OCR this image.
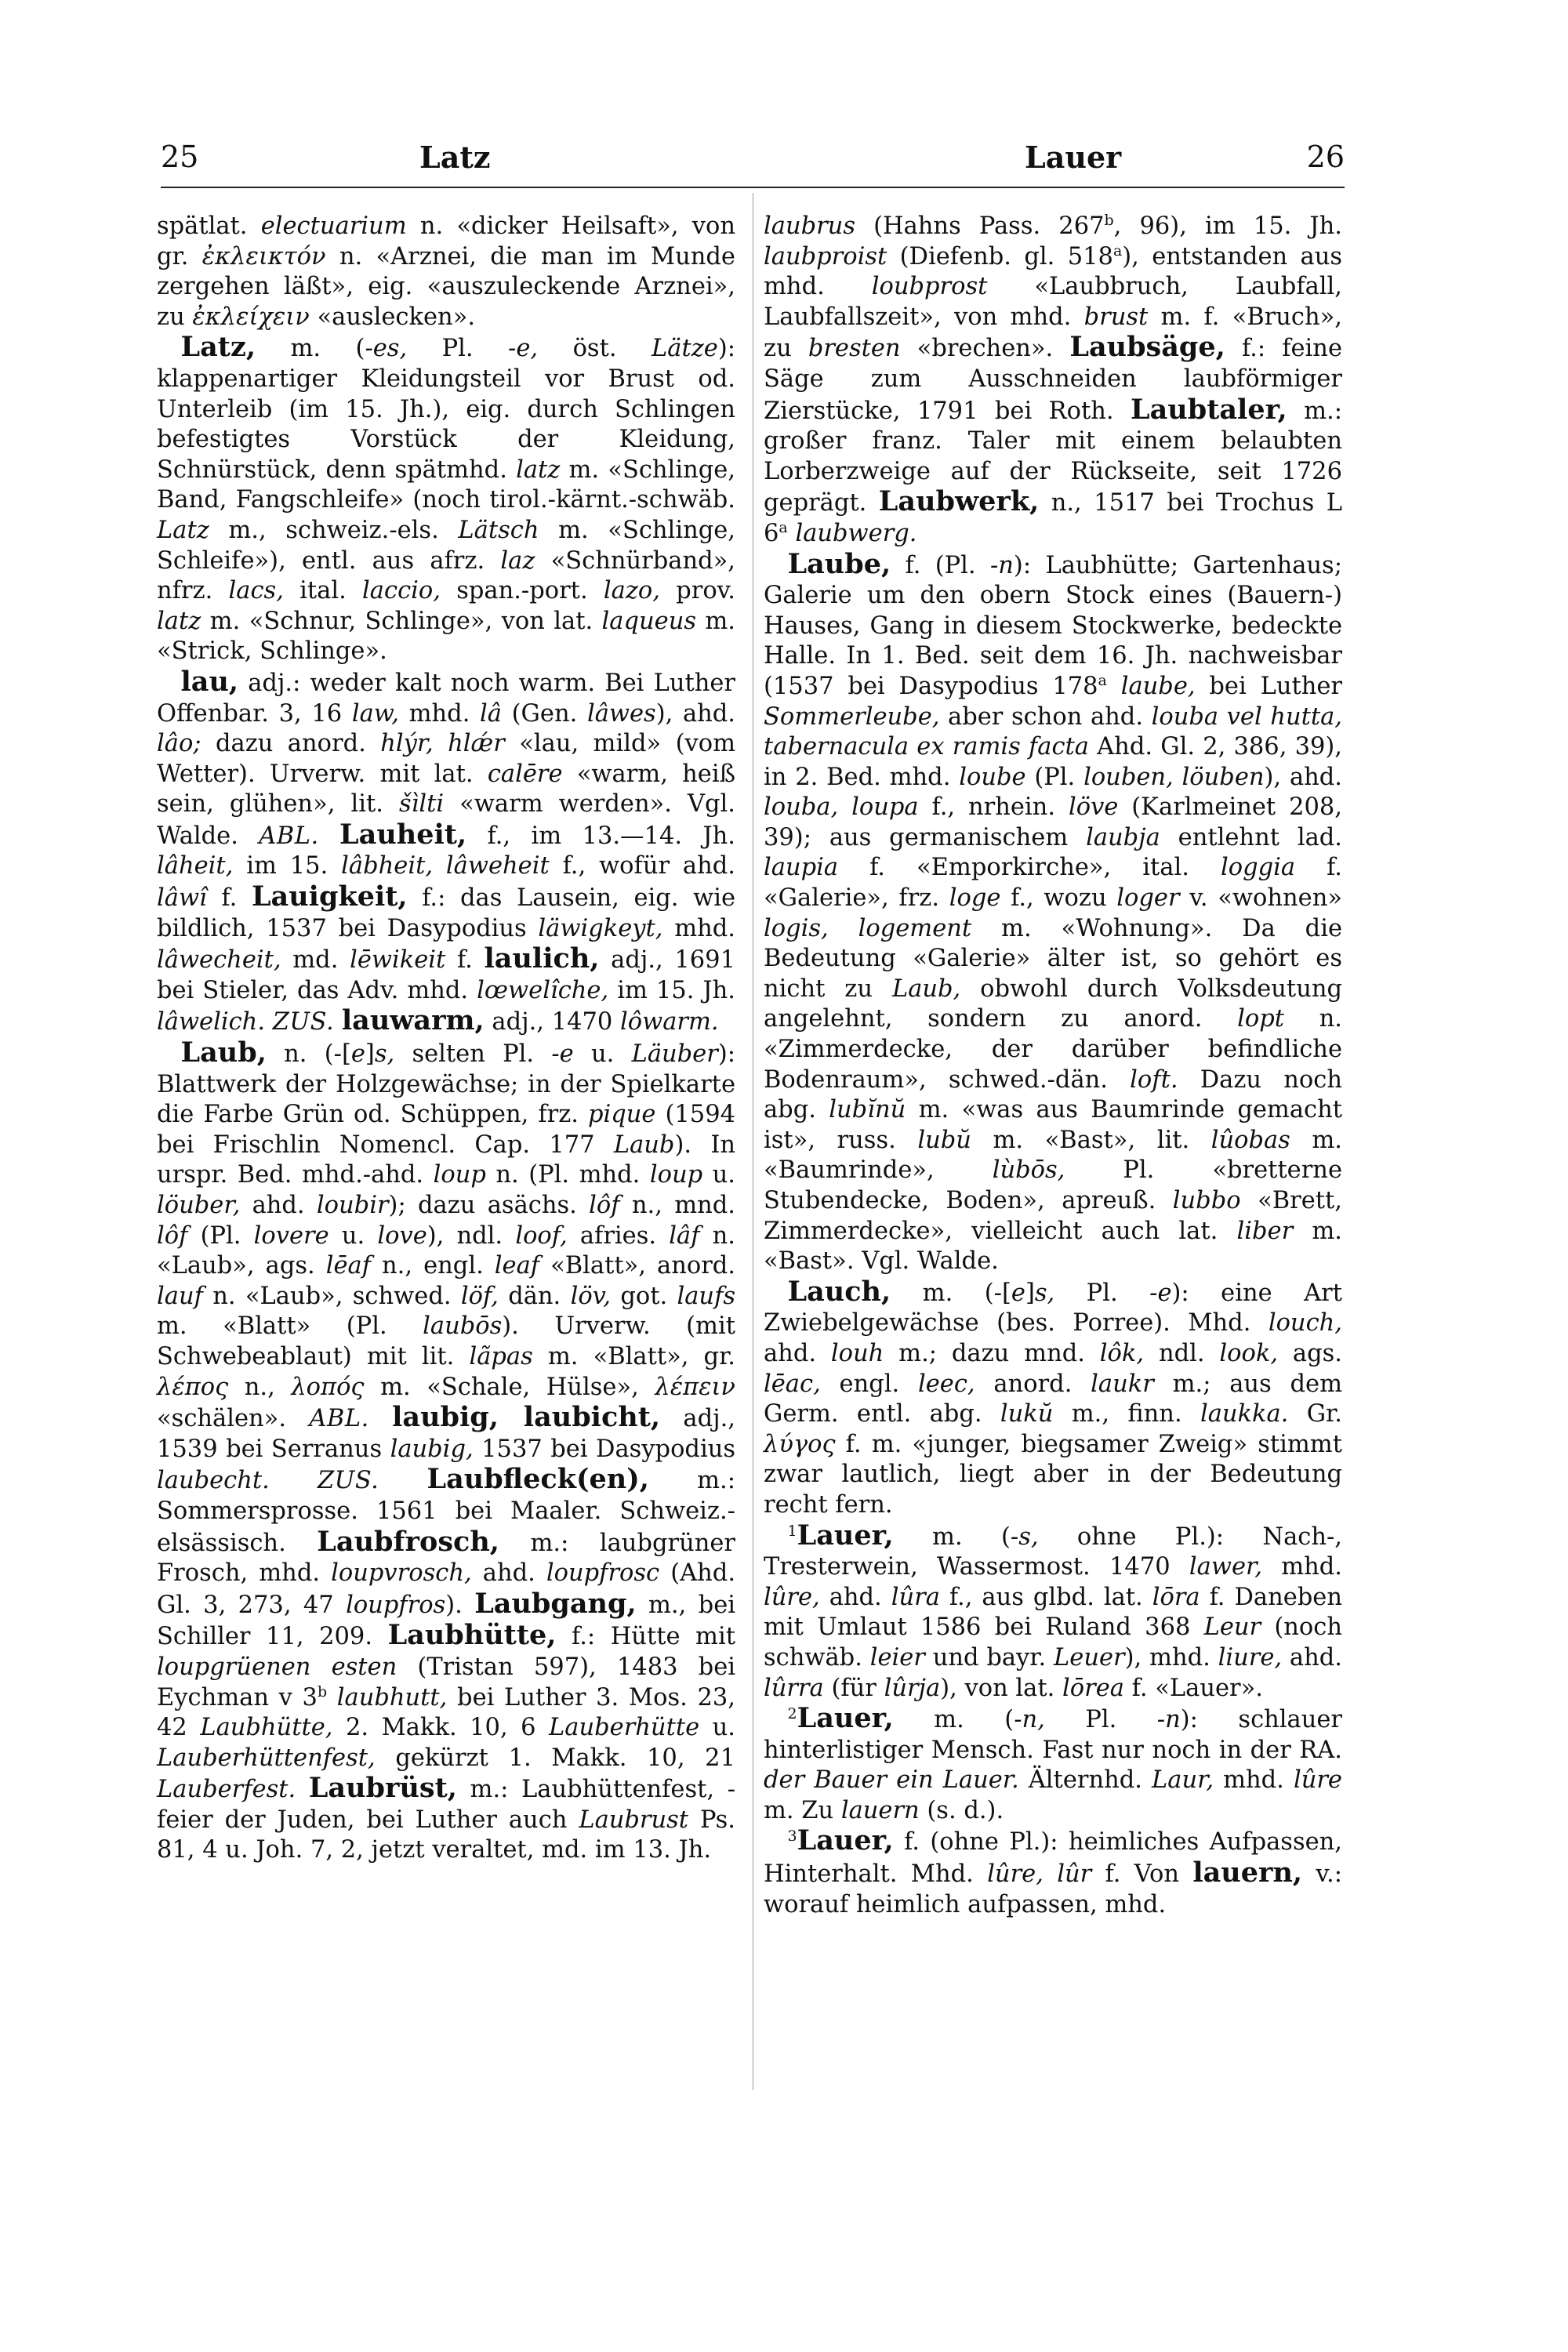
25	Latz	Lauer	26

spätlat. electuarium n. «dicker Heilsaft», von gr. ἐκλεικτόν n. «Arznei, die man im Munde zergehen läßt», eig. «auszuleckende Arznei», zu ἐκλείχειν «auslecken».

 Latz, m. (-es, Pl. -e, öst. Lätze): klappenartiger Kleidungsteil vor Brust od. Unterleib (im 15. Jh.), eig. durch Schlingen befestigtes Vorstück der Kleidung, Schnürstück, denn spätmhd. latz m. «Schlinge, Band, Fangschleife» (noch tirol.-kärnt.-schwäb. Latz m., schweiz.-els. Lätsch m. «Schlinge, Schleife»), entl. aus afrz. laz «Schnürband», nfrz. lacs, ital. laccio, span.-port. lazo, prov. latz m. «Schnur, Schlinge», von lat. laqueus m. «Strick, Schlinge».

 lau, adj.: weder kalt noch warm. Bei Luther Offenbar. 3, 16 law, mhd. lâ (Gen. lâwes), ahd. lâo; dazu anord. hlýr, hlǽr «lau, mild» (vom Wetter). Urverw. mit lat. calēre «warm, heiß sein, glühen», lit. šìlti «warm werden». Vgl. Walde. ABL. Lauheit, f., im 13.—14. Jh. lâheit, im 15. lâbheit, lâweheit f., wofür ahd. lâwî f. Lauigkeit, f.: das Lausein, eig. wie bildlich, 1537 bei Dasypodius läwigkeyt, mhd. lâwecheit, md. lēwikeit f. laulich, adj., 1691 bei Stieler, das Adv. mhd. lœwelîche, im 15. Jh. lâwelich. ZUS. lauwarm, adj., 1470 lôwarm.

 Laub, n. (-[e]s, selten Pl. -e u. Läuber): Blattwerk der Holzgewächse; in der Spielkarte die Farbe Grün od. Schüppen, frz. pique (1594 bei Frischlin Nomencl. Cap. 177 Laub). In urspr. Bed. mhd.-ahd. loup n. (Pl. mhd. loup u. löuber, ahd. loubir); dazu asächs. lôf n., mnd. lôf (Pl. lovere u. love), ndl. loof, afries. lâf n. «Laub», ags. lēaf n., engl. leaf «Blatt», anord. lauf n. «Laub», schwed. löf, dän. löv, got. laufs m. «Blatt» (Pl. laubōs). Urverw. (mit Schwebeablaut) mit lit. lãpas m. «Blatt», gr. λέπος n., λοπός m. «Schale, Hülse», λέπειν «schälen». ABL. laubig, laubicht, adj., 1539 bei Serranus laubig, 1537 bei Dasypodius laubecht. ZUS. Laubfleck(en), m.: Sommersprosse. 1561 bei Maaler. Schweiz.-elsässisch. Laubfrosch, m.: laubgrüner Frosch, mhd. loupvrosch, ahd. loupfrosc (Ahd. Gl. 3, 273, 47 loupfros). Laubgang, m., bei Schiller 11, 209. Laubhütte, f.: Hütte mit loupgrüenen esten (Tristan 597), 1483 bei Eychman v 3$^b$ laubhutt, bei Luther 3. Mos. 23, 42 Laubhütte, 2. Makk. 10, 6 Lauberhütte u. Lauberhüttenfest, gekürzt 1. Makk. 10, 21 Lauberfest. Laubrüst, m.: Laubhüttenfest, -feier der Juden, bei Luther auch Laubrust Ps. 81, 4 u. Joh. 7, 2, jetzt veraltet, md. im 13. Jh.

laubrus (Hahns Pass. 267$^b$, 96), im 15. Jh. laubproist (Diefenb. gl. 518$^a$), entstanden aus mhd. loubprost «Laubbruch, Laubfall, Laubfallszeit», von mhd. brust m. f. «Bruch», zu bresten «brechen». Laubsäge, f.: feine Säge zum Ausschneiden laubförmiger Zierstücke, 1791 bei Roth. Laubtaler, m.: großer franz. Taler mit einem belaubten Lorberzweige auf der Rückseite, seit 1726 geprägt. Laubwerk, n., 1517 bei Trochus L 6$^a$ laubwerg.

 Laube, f. (Pl. -n): Laubhütte; Gartenhaus; Galerie um den obern Stock eines (Bauern-) Hauses, Gang in diesem Stockwerke, bedeckte Halle. In 1. Bed. seit dem 16. Jh. nachweisbar (1537 bei Dasypodius 178$^a$ laube, bei Luther Sommerleube, aber schon ahd. louba vel hutta, tabernacula ex ramis facta Ahd. Gl. 2, 386, 39), in 2. Bed. mhd. loube (Pl. louben, löuben), ahd. louba, loupa f., nrhein. löve (Karlmeinet 208, 39); aus germanischem laubja entlehnt lad. laupia f. «Emporkirche», ital. loggia f. «Galerie», frz. loge f., wozu loger v. «wohnen» logis, logement m. «Wohnung». Da die Bedeutung «Galerie» älter ist, so gehört es nicht zu Laub, obwohl durch Volksdeutung angelehnt, sondern zu anord. lopt n. «Zimmerdecke, der darüber befindliche Bodenraum», schwed.-dän. loft. Dazu noch abg. lubĭnŭ m. «was aus Baumrinde gemacht ist», russ. lubŭ m. «Bast», lit. lûobas m. «Baumrinde», lùbōs, Pl. «bretterne Stubendecke, Boden», apreuß. lubbo «Brett, Zimmerdecke», vielleicht auch lat. liber m. «Bast». Vgl. Walde.

 Lauch, m. (-[e]s, Pl. -e): eine Art Zwiebelgewächse (bes. Porree). Mhd. louch, ahd. louh m.; dazu mnd. lôk, ndl. look, ags. lēac, engl. leec, anord. laukr m.; aus dem Germ. entl. abg. lukŭ m., finn. laukka. Gr. λύγος f. m. «junger, biegsamer Zweig» stimmt zwar lautlich, liegt aber in der Bedeutung recht fern.

 $^1$Lauer, m. (-s, ohne Pl.): Nach-, Tresterwein, Wassermost. 1470 lawer, mhd. lûre, ahd. lûra f., aus glbd. lat. lōra f. Daneben mit Umlaut 1586 bei Ruland 368 Leur (noch schwäb. leier und bayr. Leuer), mhd. liure, ahd. lûrra (für lûrja), von lat. lōrea f. «Lauer».

 $^2$Lauer, m. (-n, Pl. -n): schlauer hinterlistiger Mensch. Fast nur noch in der RA. der Bauer ein Lauer. Älternhd. Laur, mhd. lûre m. Zu lauern (s. d.).

 $^3$Lauer, f. (ohne Pl.): heimliches Aufpassen, Hinterhalt. Mhd. lûre, lûr f. Von lauern, v.: worauf heimlich aufpassen, mhd.
